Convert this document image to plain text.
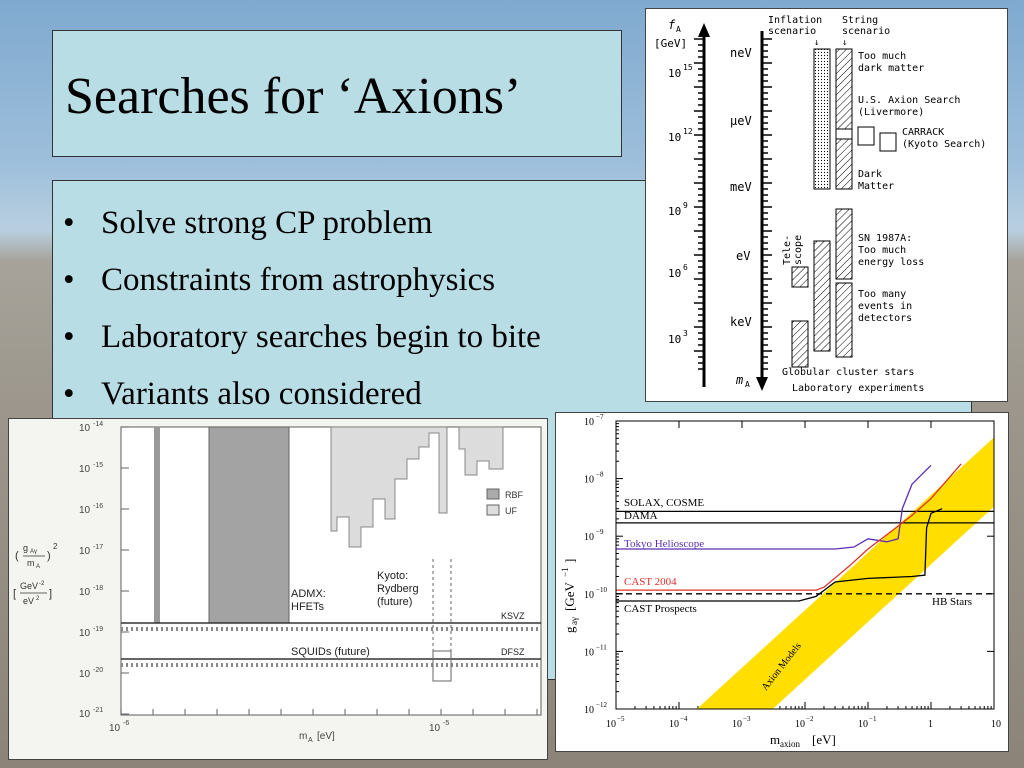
Searches for ‘Axions’
• Solve strong CP problem
• Constraints from astrophysics
• Laboratory searches begin to bite
• Variants also considered
f A
[GeV]
m A
10 15
10 12
10 9
10 6
10 3
neV
μeV
meV
eV
keV
Inflation
scenario
String
scenario
↓	↓
Too much
dark matter
U.S. Axion Search
(Livermore)
CARRACK
(Kyoto Search)
Dark
Matter
SN 1987A:
Too much
energy loss
Too many
events in
detectors
Globular cluster stars
Laboratory experiments
Tele- scope
(
g Aγ
m A
)
2
[
GeV -2
eV 2 ]
10 -14
10 -15
10 -16
10 -17
10 -18
10 -19
10 -20
10 -21
10 -6	10 -5
m A [eV]
RBF
UF
ADMX:
HFETs
Kyoto:
Rydberg
(future)
SQUIDs (future)
KSVZ
DFSZ
10 −5	10 −4	10 −3	10 −2	10 −1	1	10
10 −7
10 −8
10 −9
10 −10
10 −11
10 −12
m axion [eV]
g
aγ
[GeV
−1
]
SOLAX, COSME
DAMA
Tokyo Helioscope
CAST 2004
CAST Prospects
HB Stars
Axion Models
